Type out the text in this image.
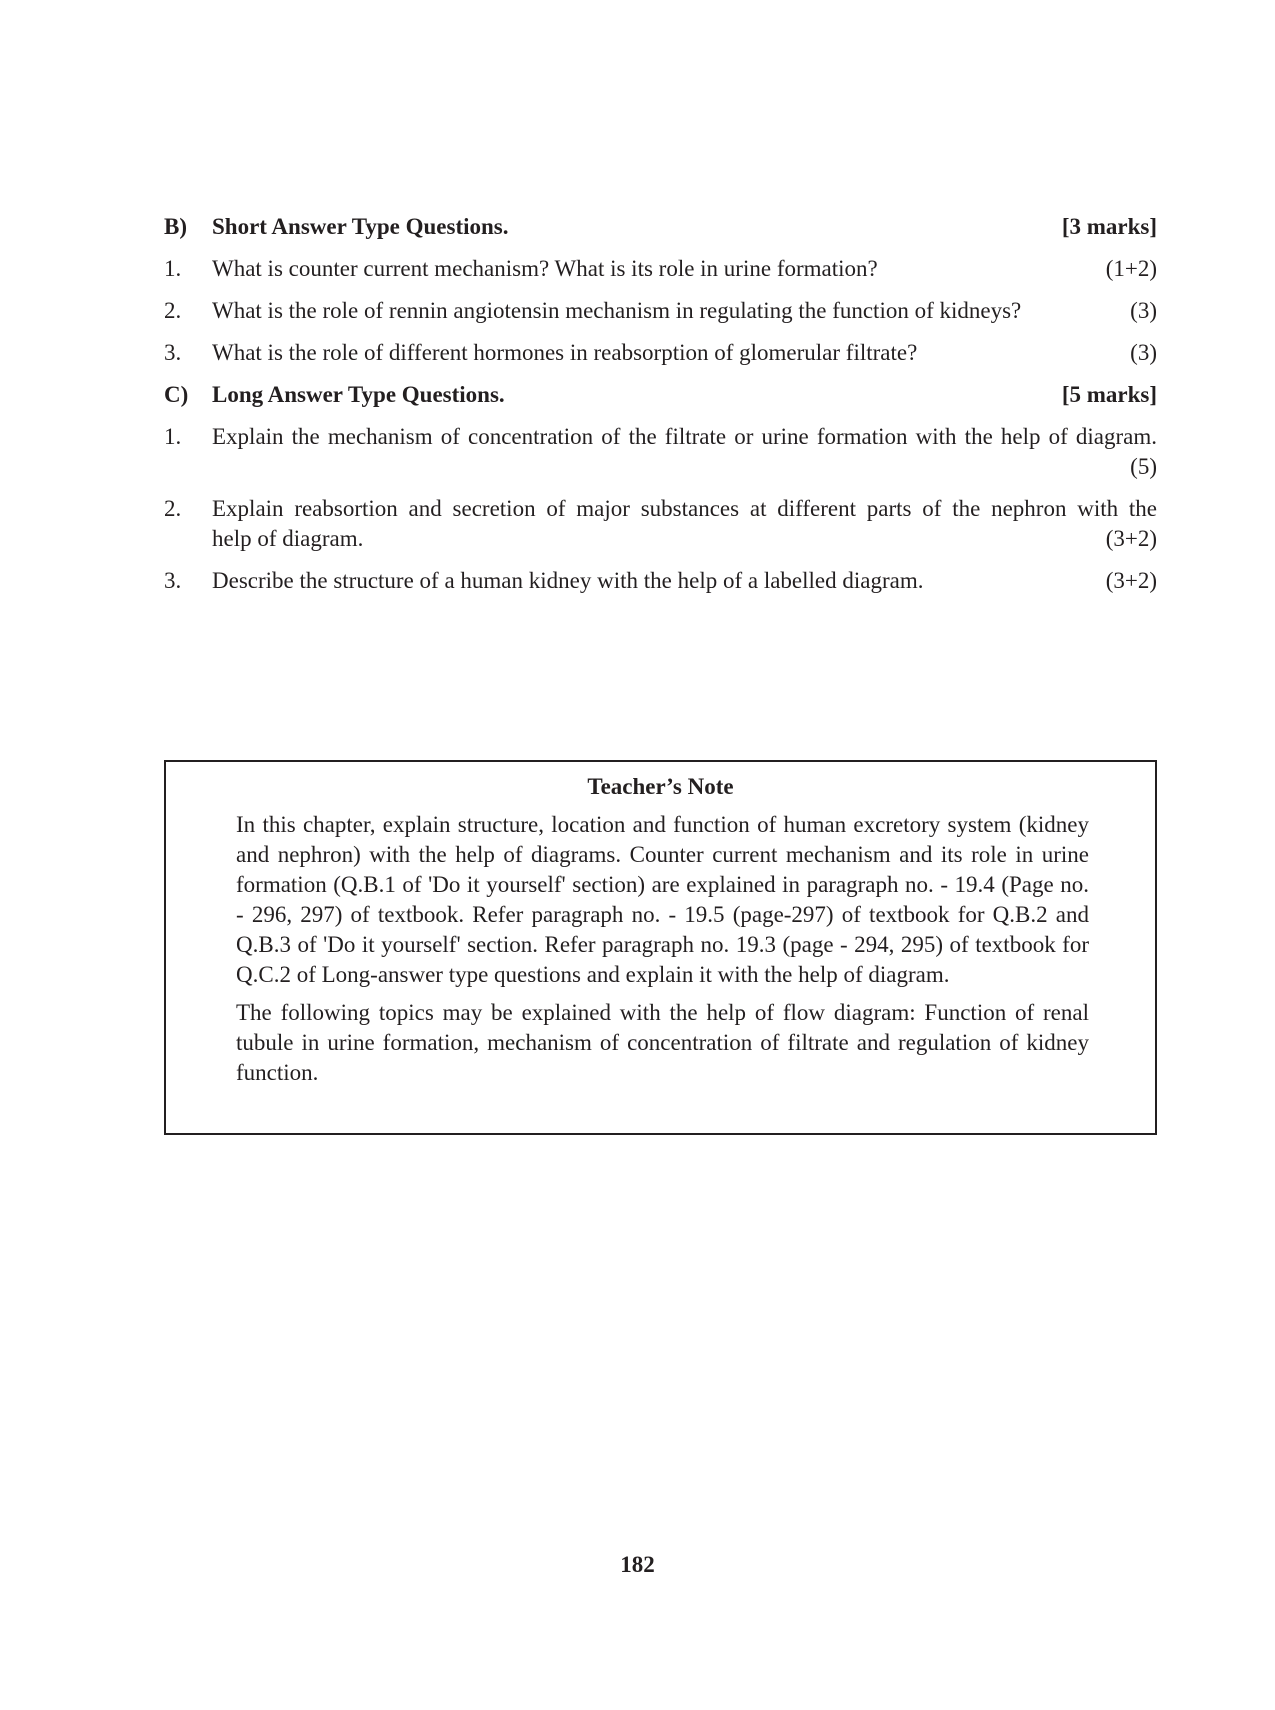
B)	Short Answer Type Questions.	[3 marks]
1.	What is counter current mechanism? What is its role in urine formation?	(1+2)
2.	What is the role of rennin angiotensin mechanism in regulating the function of kidneys?	(3)
3.	What is the role of different hormones in reabsorption of glomerular filtrate?	(3)
C)	Long Answer Type Questions.	[5 marks]
1.	Explain the mechanism of concentration of the filtrate or urine formation with the help of diagram.
(5)
2.	Explain reabsortion and secretion of major substances at different parts of the nephron with the
help of diagram.	(3+2)
3.	Describe the structure of a human kidney with the help of a labelled diagram.	(3+2)
Teacher’s Note

In this chapter, explain structure, location and function of human excretory system (kidney and nephron) with the help of diagrams. Counter current mechanism and its role in urine formation (Q.B.1 of 'Do it yourself' section) are explained in paragraph no. - 19.4 (Page no. - 296, 297) of textbook. Refer paragraph no. - 19.5 (page-297) of textbook for Q.B.2 and Q.B.3 of 'Do it yourself' section. Refer paragraph no. 19.3 (page - 294, 295) of textbook for Q.C.2 of Long-answer type questions and explain it with the help of diagram.

The following topics may be explained with the help of flow diagram: Function of renal tubule in urine formation, mechanism of concentration of filtrate and regulation of kidney function.

182
